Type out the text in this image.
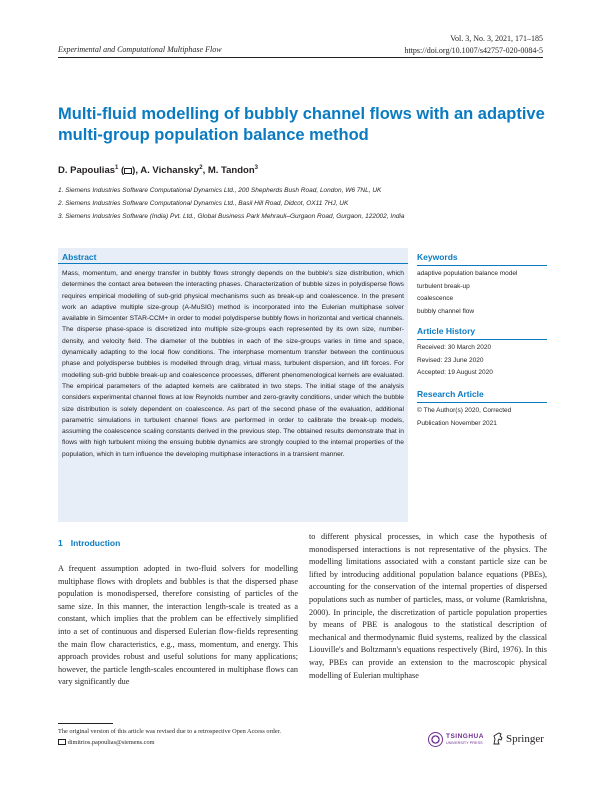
Vol. 3, No. 3, 2021, 171–185
https://doi.org/10.1007/s42757-020-0084-5
Experimental and Computational Multiphase Flow
Multi-fluid modelling of bubbly channel flows with an adaptive multi-group population balance method
D. Papoulias$^1$ ( ), A. Vichansky$^2$, M. Tandon$^3$
1. Siemens Industries Software Computational Dynamics Ltd., 200 Shepherds Bush Road, London, W6 7NL, UK
2. Siemens Industries Software Computational Dynamics Ltd., Basil Hill Road, Didcot, OX11 7HJ, UK
3. Siemens Industries Software (India) Pvt. Ltd., Global Business Park Mehrauli–Gurgaon Road, Gurgaon, 122002, India
Abstract
Mass, momentum, and energy transfer in bubbly flows strongly depends on the bubble's size distribution, which determines the contact area between the interacting phases. Characterization of bubble sizes in polydisperse flows requires empirical modelling of sub-grid physical mechanisms such as break-up and coalescence. In the present work an adaptive multiple size-group (A-MuSIG) method is incorporated into the Eulerian multiphase solver available in Simcenter STAR-CCM+ in order to model polydisperse bubbly flows in horizontal and vertical channels. The disperse phase-space is discretized into multiple size-groups each represented by its own size, number-density, and velocity field. The diameter of the bubbles in each of the size-groups varies in time and space, dynamically adapting to the local flow conditions. The interphase momentum transfer between the continuous phase and polydisperse bubbles is modelled through drag, virtual mass, turbulent dispersion, and lift forces. For modelling sub-grid bubble break-up and coalescence processes, different phenomenological kernels are evaluated. The empirical parameters of the adapted kernels are calibrated in two steps. The initial stage of the analysis considers experimental channel flows at low Reynolds number and zero-gravity conditions, under which the bubble size distribution is solely dependent on coalescence. As part of the second phase of the evaluation, additional parametric simulations in turbulent channel flows are performed in order to calibrate the break-up models, assuming the coalescence scaling constants derived in the previous step. The obtained results demonstrate that in flows with high turbulent mixing the ensuing bubble dynamics are strongly coupled to the internal properties of the population, which in turn influence the developing multiphase interactions in a transient manner.
Keywords
adaptive population balance model
turbulent break-up
coalescence
bubbly channel flow
Article History
Received: 30 March 2020
Revised: 23 June 2020
Accepted: 19 August 2020
Research Article
© The Author(s) 2020, Corrected
Publication November 2021
1 Introduction

A frequent assumption adopted in two-fluid solvers for modelling multiphase flows with droplets and bubbles is that the dispersed phase population is monodispersed, therefore consisting of particles of the same size. In this manner, the interaction length-scale is treated as a constant, which implies that the problem can be effectively simplified into a set of continuous and dispersed Eulerian flow-fields representing the main flow characteristics, e.g., mass, momentum, and energy. This approach provides robust and useful solutions for many applications; however, the particle length-scales encountered in multiphase flows can vary significantly due

to different physical processes, in which case the hypothesis of monodispersed interactions is not representative of the physics. The modelling limitations associated with a constant particle size can be lifted by introducing additional population balance equations (PBEs), accounting for the conservation of the internal properties of dispersed populations such as number of particles, mass, or volume (Ramkrishna, 2000). In principle, the discretization of particle population properties by means of PBE is analogous to the statistical description of mechanical and thermodynamic fluid systems, realized by the classical Liouville's and Boltzmann's equations respectively (Bird, 1976). In this way, PBEs can provide an extension to the macroscopic physical modelling of Eulerian multiphase

The original version of this article was revised due to a retrospective Open Access order.
dimitrios.papoulias@siemens.com
TSINGHUA
UNIVERSITY PRESS Springer
